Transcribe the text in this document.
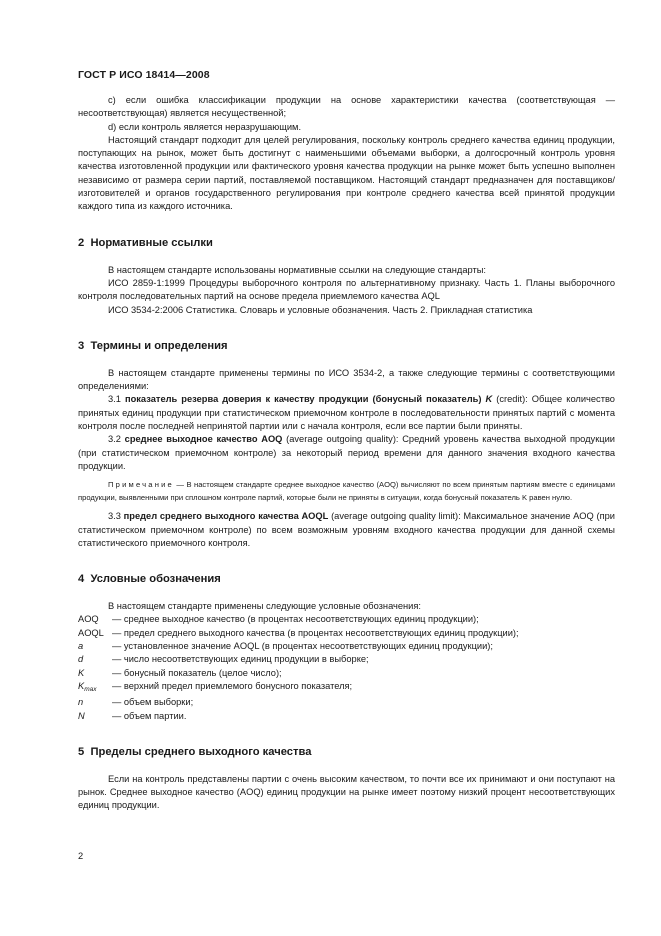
ГОСТ Р ИСО 18414—2008

c) если ошибка классификации продукции на основе характеристики качества (соответствующая — несоответствующая) является несущественной;

d) если контроль является неразрушающим.

Настоящий стандарт подходит для целей регулирования, поскольку контроль среднего качества единиц продукции, поступающих на рынок, может быть достигнут с наименьшими объемами выборки, а долгосрочный контроль уровня качества изготовленной продукции или фактического уровня качества продукции на рынке может быть успешно выполнен независимо от размера серии партий, поставляемой поставщиком. Настоящий стандарт предназначен для поставщиков/изготовителей и органов государственного регулирования при контроле среднего качества всей принятой продукции каждого типа из каждого источника.

2 Нормативные ссылки

В настоящем стандарте использованы нормативные ссылки на следующие стандарты:

ИСО 2859-1:1999 Процедуры выборочного контроля по альтернативному признаку. Часть 1. Планы выборочного контроля последовательных партий на основе предела приемлемого качества AQL

ИСО 3534-2:2006 Статистика. Словарь и условные обозначения. Часть 2. Прикладная статистика

3 Термины и определения

В настоящем стандарте применены термины по ИСО 3534-2, а также следующие термины с соответствующими определениями:

3.1 показатель резерва доверия к качеству продукции (бонусный показатель) K (credit): Общее количество принятых единиц продукции при статистическом приемочном контроле в последовательности принятых партий с момента контроля после последней непринятой партии или с начала контроля, если все партии были приняты.

3.2 среднее выходное качество AOQ (average outgoing quality): Средний уровень качества выходной продукции (при статистическом приемочном контроле) за некоторый период времени для данного значения входного качества продукции.

Примечание — В настоящем стандарте среднее выходное качество (AOQ) вычисляют по всем принятым партиям вместе с единицами продукции, выявленными при сплошном контроле партий, которые были не приняты в ситуации, когда бонусный показатель K равен нулю.

3.3 предел среднего выходного качества AOQL (average outgoing quality limit): Максимальное значение AOQ (при статистическом приемочном контроле) по всем возможным уровням входного качества продукции для данной схемы статистического приемочного контроля.

4 Условные обозначения

В настоящем стандарте применены следующие условные обозначения:

AOQ	— среднее выходное качество (в процентах несоответствующих единиц продукции);
AOQL — предел среднего выходного качества (в процентах несоответствующих единиц продукции);
a	— установленное значение AOQL (в процентах несоответствующих единиц продукции);
d	— число несоответствующих единиц продукции в выборке;
K	— бонусный показатель (целое число);
$K_{max}$	— верхний предел приемлемого бонусного показателя;
n	— объем выборки;
N	— объем партии.
5 Пределы среднего выходного качества

Если на контроль представлены партии с очень высоким качеством, то почти все их принимают и они поступают на рынок. Среднее выходное качество (AOQ) единиц продукции на рынке имеет поэтому низкий процент несоответствующих единиц продукции.

2
